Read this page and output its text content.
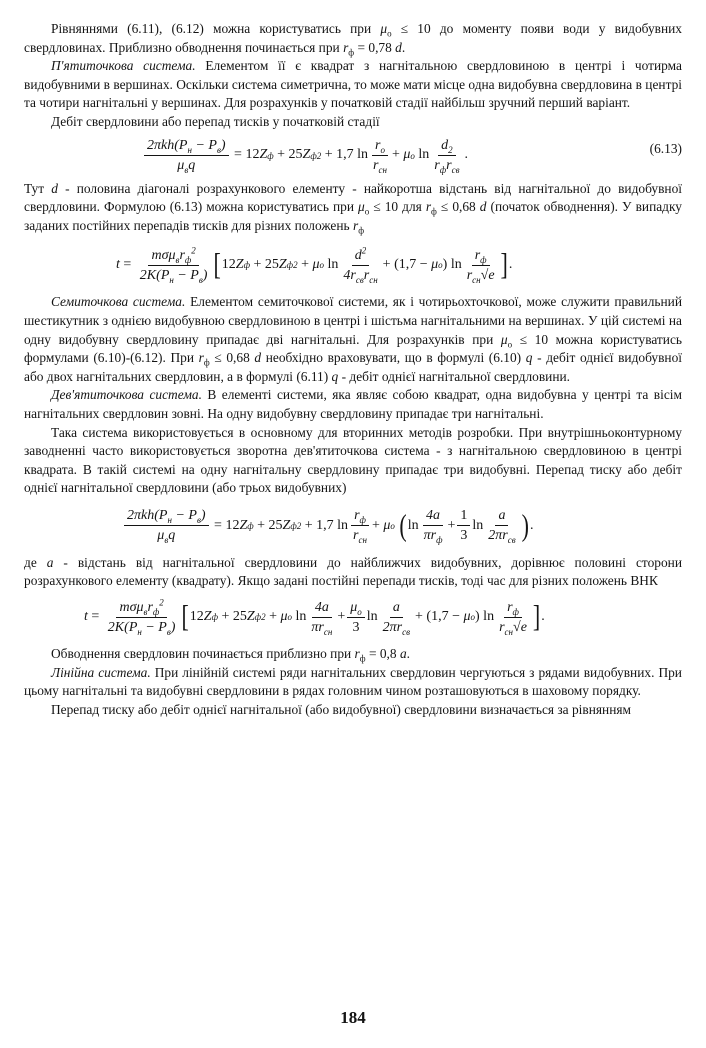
Рівняннями (6.11), (6.12) можна користуватись при $\mu_о \le 10$ до моменту появи води у видобувних свердловинах. Приблизно обводнення починається при $r_ф = 0,78$ d.

П'ятиточкова система. Елементом її є квадрат з нагнітальною свердловиною в центрі і чотирма видобувними в вершинах. Оскільки система симетрична, то може мати місце одна видобувна свердловина в центрі та чотири нагнітальні у вершинах. Для розрахунків у початковій стадії найбільш зручний перший варіант.

Дебіт свердловини або перепад тисків у початковій стадії

$\frac{2\pi kh(P_н - P_в)}{\mu_вq} = 12$ Z ф + 25 Z ф 2 + 1,7 $\ln \frac{r_о}{r_{сн}}$ +
μ о
$\ln \frac{d_2}{r_фr_{св}}$ .	(6.13)

Тут d - половина діагоналі розрахункового елементу - найкоротша відстань від нагнітальної до видобувної свердловини. Формулою (6.13) можна користуватись при $\mu_о \le 10$ для $r_ф \le 0,68$ d (початок обводнення). У випадку заданих постійних перепадів тисків для різних положень $r_ф$

$t = \frac{m\sigma\mu_вr_ф^2}{2K(P_н - P_в)}$ [ 12 Z ф + 25 Z ф 2 + μ о
$\ln \frac{d^2}{4r_{св}r_{сн}} + (1,7 - \mu$ о ) $\ln \frac{r_ф}{r_{сн}√e}$ ] .

Семиточкова система. Елементом семиточкової системи, як і чотирьохточкової, може служити правильний шестикутник з однією видобувною свердловиною в центрі і шістьма нагнітальними на вершинах. У цій системі на одну видобувну свердловину припадає дві нагнітальні. Для розрахунків при $\mu_о \le 10$ можна користуватись формулами (6.10)-(6.12). При $r_ф \le 0,68$ d необхідно враховувати, що в формулі (6.10) q - дебіт однієї видобувної або двох нагнітальних свердловин, а в формулі (6.11) q - дебіт однієї нагнітальної свердловини.

Дев'ятиточкова система. В елементі системи, яка являє собою квадрат, одна видобувна у центрі та вісім нагнітальних свердловин зовні. На одну видобувну свердловину припадає три нагнітальні.

Така система використовується в основному для вторинних методів розробки. При внутрішньоконтурному заводненні часто використовується зворотна дев'ятиточкова система - з нагнітальною свердловиною в центрі квадрата. В такій системі на одну нагнітальну свердловину припадає три видобувні. Перепад тиску або дебіт однієї нагнітальної свердловини (або трьох видобувних)

$\frac{2\pi kh(P_н - P_в)}{\mu_вq} = 12$ Z ф + 25 Z ф 2 + 1,7 $\ln \frac{r_ф}{r_{сн}}$ +
μ о
( $\ln \frac{4a}{\pi r_ф} + \frac{1}{3}$ $\ln \frac{a}{2\pi r_{св}}$ ) .

де a - відстань від нагнітальної свердловини до найближчих видобувних, дорівнює половині сторони розрахункового елементу (квадрату). Якщо задані постійні перепади тисків, тоді час для різних положень ВНК

$t = \frac{m\sigma\mu_вr_ф^2}{2K(P_н - P_в)}$ [ 12 Z ф + 25 Z ф 2 + μ о
$\ln \frac{4a}{\pi r_{сн}} + \frac{\mu_о}{3}$ $\ln \frac{a}{2\pi r_{св}} + (1,7 - \mu$ о ) $\ln \frac{r_ф}{r_{сн}√e}$ ] .

Обводнення свердловин починається приблизно при $r_ф = 0,8$ a.

Лінійна система. При лінійній системі ряди нагнітальних свердловин чергуються з рядами видобувних. При цьому нагнітальні та видобувні свердловини в рядах головним чином розташовуються в шаховому порядку.

Перепад тиску або дебіт однієї нагнітальної (або видобувної) свердловини визначається за рівнянням

184
